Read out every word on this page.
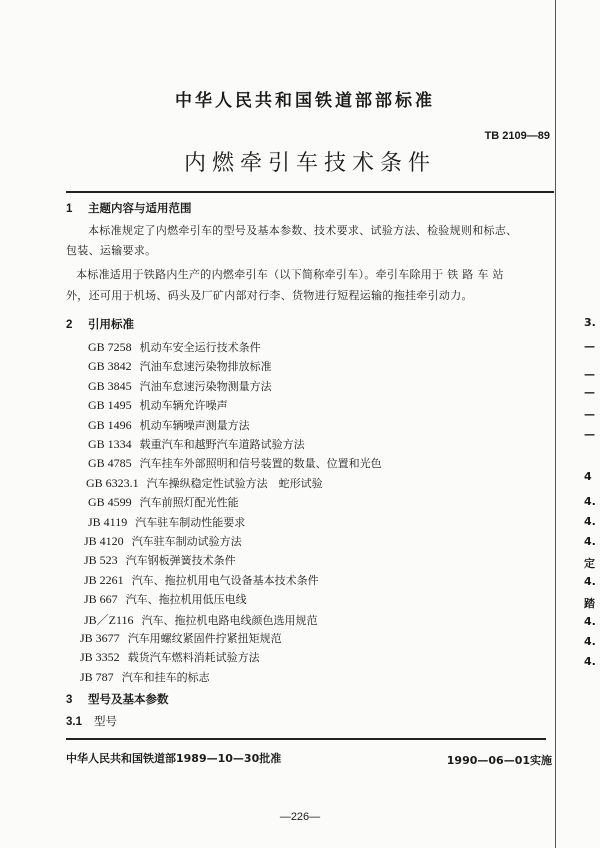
中华人民共和国铁道部部标准
TB 2109—89
内燃牵引车技术条件
1 主题内容与适用范围
本标准规定了内燃牵引车的型号及基本参数、技术要求、试验方法、检验规则和标志、
包装、运输要求。
本标准适用于铁路内生产的内燃牵引车（以下简称牵引车）。牵引车除用于 铁 路 车 站
外，还可用于机场、码头及厂矿内部对行李、货物进行短程运输的拖挂牵引动力。
2 引用标准
GB 7258 机动车安全运行技术条件
GB 3842 汽油车怠速污染物排放标准
GB 3845 汽油车怠速污染物测量方法
GB 1495 机动车辆允许噪声
GB 1496 机动车辆噪声测量方法
GB 1334 载重汽车和越野汽车道路试验方法
GB 4785 汽车挂车外部照明和信号装置的数量、位置和光色
GB 6323.1 汽车操纵稳定性试验方法　蛇形试验
GB 4599 汽车前照灯配光性能
JB 4119 汽车驻车制动性能要求
JB 4120 汽车驻车制动试验方法
JB 523 汽车钢板弹簧技术条件
JB 2261 汽车、拖拉机用电气设备基本技术条件
JB 667 汽车、拖拉机用低压电线
JB／Z116 汽车、拖拉机电路电线颜色选用规范
JB 3677 汽车用螺纹紧固件拧紧扭矩规范
JB 3352 载货汽车燃料消耗试验方法
JB 787 汽车和挂车的标志
3 型号及基本参数
3.1 型号
中华人民共和国铁道部1989—10—30批准	1990—06—01实施
—226—
3.
—
—
—
—
—
4
4.
4.
4.
定
4.
踏
4.
4.
4.
